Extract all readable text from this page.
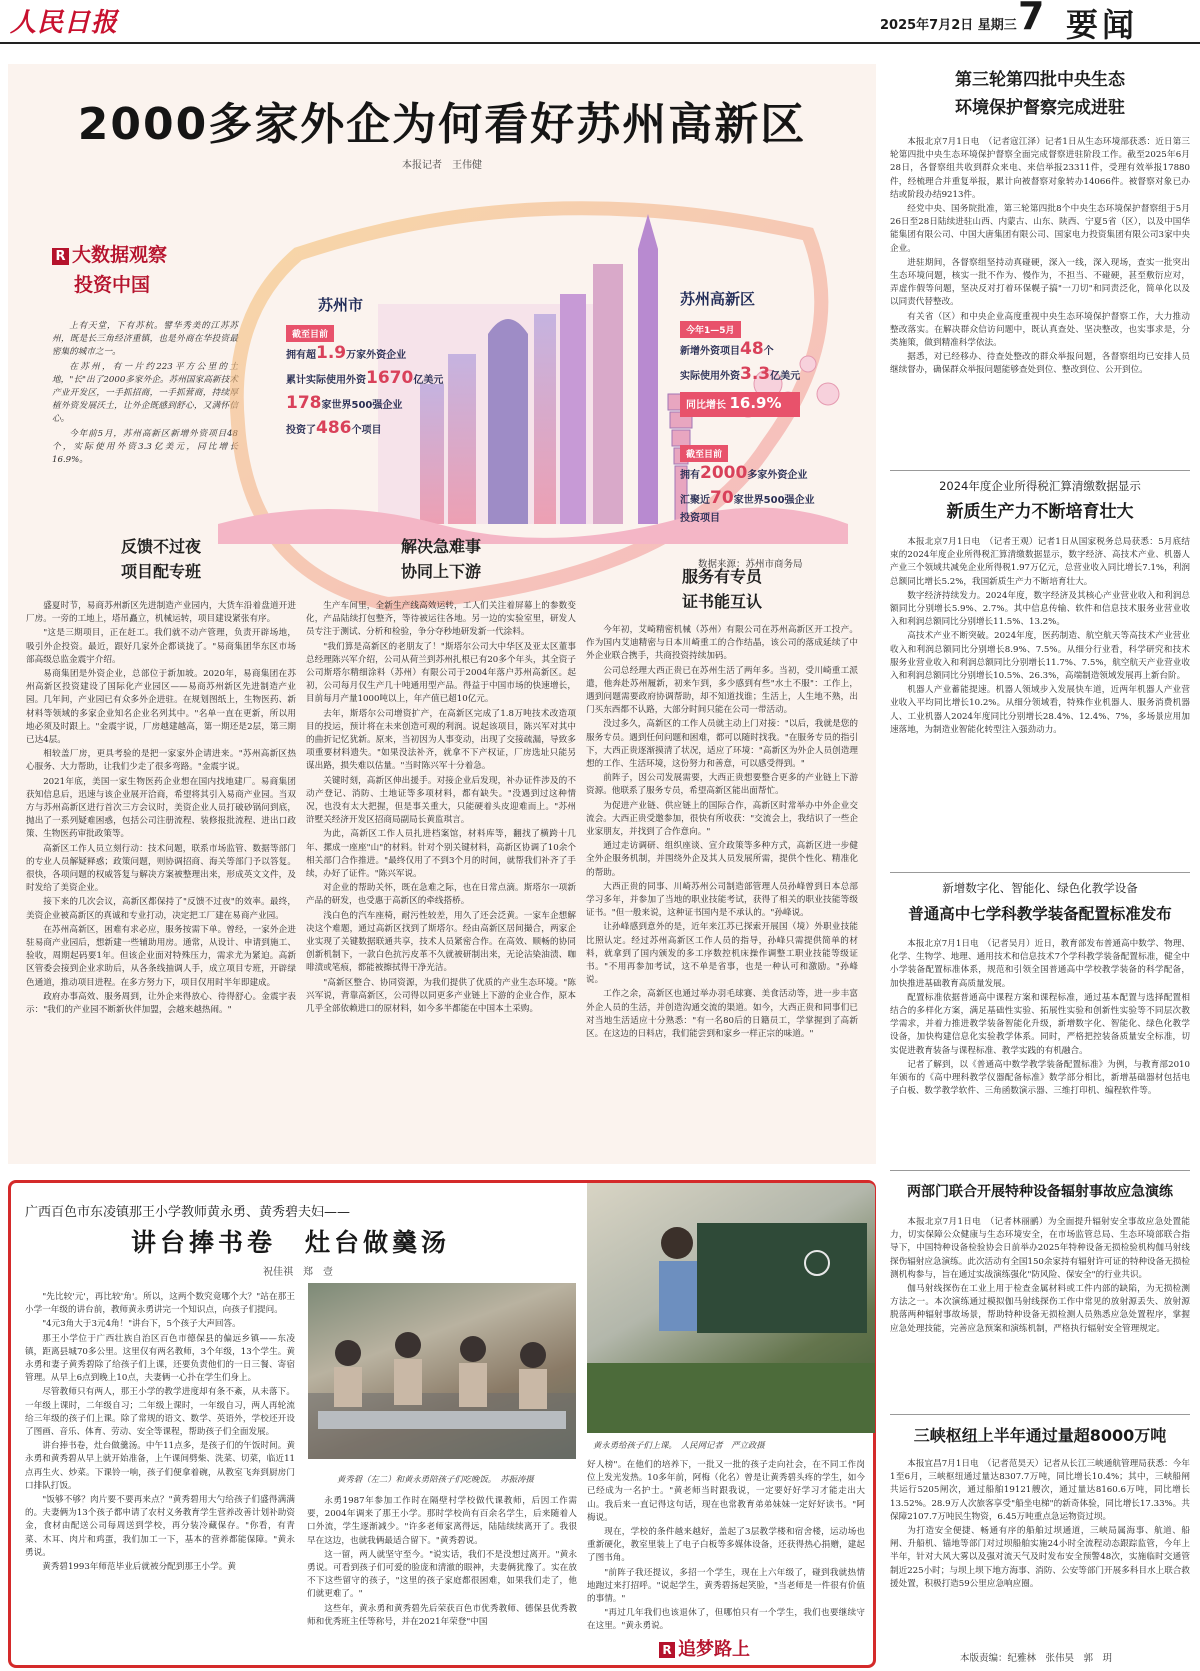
人民日报	2025年7月2日 星期三 7 要闻
2000多家外企为何看好苏州高新区
本报记者　王伟健
R 大数据观察
投资中国

上有天堂，下有苏杭。譬华秀美的江苏苏州，既是长三角经济重镇，也是外商在华投资最密集的城市之一。

在苏州，有一片约223平方公里的土地，"长"出了2000多家外企。苏州国家高新技术产业开发区，一手抓招商，一手抓营商，持续厚植外资发展沃土，让外企既感到舒心，又满怀信心。

今年前5月，苏州高新区新增外资项目48个，实际使用外资3.3亿美元，同比增长16.9%。

苏州市
截至目前
拥有超1.9万家外资企业
累计实际使用外资1670亿美元
178家世界500强企业
投资了486个项目
苏州高新区
今年1—5月
新增外资项目48个
实际使用外资3.3亿美元
同比增长 16.9%
截至目前
拥有2000多家外资企业
汇聚近70家世界500强企业
投资项目
数据来源：苏州市商务局
反馈不过夜
项目配专班

盛夏时节，易商苏州新区先进制造产业园内，大货车沿着盘道开进厂房。一旁的工地上，塔吊矗立，机械运转，项目建设紧张有序。

"这是三期项目，正在赶工。我们就不动产管理，负责开辟场地，吸引外企投资。最近，跟好几家外企都谈拢了。"易商集团华东区市场部高级总监金震宇介绍。

易商集团是外资企业，总部位于新加坡。2020年，易商集团在苏州高新区投资建设了国际化产业园区——易商苏州新区先进制造产业园。几年间，产业园已有众多外企进驻。在规划图纸上，生物医药、新材料等领域的多家企业知名企业名列其中。"名单一直在更新，所以用地必须及时跟上。"金震宇说，厂房越建越高，第一期还是2层，第三期已达4层。

相较盖厂房，更具考验的是把一家家外企请进来。"苏州高新区热心服务、大力帮助，让我们少走了很多弯路。"金震宇说。

2021年底，美国一家生物医药企业想在国内找地建厂。易商集团获知信息后，迅速与该企业展开洽商，希望将其引入易商产业园。当双方与苏州高新区进行首次三方会议时，美资企业人员打破砂锅问到底，抛出了一系列疑难困惑，包括公司注册流程、装修报批流程、进出口政策、生物医药审批政策等。

高新区工作人员立刻行动：技术问题，联系市场监管、数据等部门的专业人员解疑释惑；政策问题，则协调招商、海关等部门予以答复。很快，各项问题的权威答复与解决方案被整理出来，形成英文文件，及时发给了美资企业。

接下来的几次会议，高新区都保持了"反馈不过夜"的效率。最终，美资企业被高新区的真诚和专业打动，决定把工厂建在易商产业园。

在苏州高新区，困难有求必应，服务按需下单。曾经，一家外企进驻易商产业园后，想新建一些辅助用房。通常，从设计、申请到施工、验收，周期起码要1年。但该企业面对特殊压力，需求尤为紧迫。高新区管委会接到企业求助后，从各条线抽调人手，成立项目专班，开辟绿色通道，推动项目进程。在多方努力下，项目仅用时半年即建成。

政府办事高效、服务周到，让外企来得放心、待得舒心。金震宇表示："我们的产业园不断新伙伴加盟，会越来越热闹。"

解决急难事
协同上下游

生产车间里，全新生产线高效运转，工人们关注着屏幕上的参数变化，产品陆续打包整齐，等待被运往各地。另一边的实验室里，研发人员专注于测试、分析和检验，争分夺秒地研发新一代涂料。

"我们算是高新区的老朋友了！"斯塔尔公司大中华区及亚太区董事总经理陈兴军介绍，公司从荷兰到苏州扎根已有20多个年头，其全资子公司斯塔尔精细涂料（苏州）有限公司于2004年落户苏州高新区。起初，公司每月仅生产几十吨通用型产品。得益于中国市场的快速增长，目前每月产量1000吨以上，年产值已超10亿元。

去年，斯塔尔公司增资扩产，在高新区完成了1.8万吨技术改造项目的投运，预计将在未来创造可观的利润。说起该项目，陈兴军对其中的曲折记忆犹新。原来，当初因为人事变动，出现了交接疏漏，导致多项重要材料遗失。"如果没法补齐，就拿不下产权证，厂房选址只能另谋出路，损失难以估量。"当时陈兴军十分着急。

关键时刻，高新区伸出援手。对接企业后发现，补办证件涉及的不动产登记、消防、土地证等多项材料，都有缺失。"没遇到过这种情况，也没有太大把握，但是事关重大，只能硬着头皮迎难而上。"苏州浒墅关经济开发区招商局副局长黄监琪言。

为此，高新区工作人员扎进档案馆，材料库等，翻找了横跨十几年、摞成一座座"山"的材料。针对个别关键材料，高新区协调了10余个相关部门合作推进。"最终仅用了不到3个月的时间，就帮我们补齐了手续，办好了证件。"陈兴军说。

对企业的帮助关怀，既在急难之际，也在日常点滴。斯塔尔一项新产品的研发，也受惠于高新区的牵线搭桥。

浅白色的汽车座椅，耐污性较差，用久了还会泛黄。一家车企想解决这个难题，通过高新区找到了斯塔尔。经由高新区居间撮合，两家企业实现了关键数据联通共享，技术人员紧密合作。在高效、顺畅的协同创新机制下，一款白色抗污皮革不久就被研制出来，无论沾染油渍、咖啡渍或笔痕，都能被擦拭得干净光洁。

"高新区整合、协同资源，为我们提供了优质的产业生态环境。"陈兴军说，背靠高新区，公司得以同更多产业链上下游的企业合作，原本几乎全部依赖进口的原材料，如今多半都能在中国本土采购。

服务有专员
证书能互认

今年初，艾崎精密机械（苏州）有限公司在苏州高新区开工投产。作为国内艾迪精密与日本川崎重工的合作结晶，该公司的落成延续了中外企业联合携手，共商投资持续加码。

公司总经理大西正贵已在苏州生活了两年多。当初，受川崎重工派遣，他奔赴苏州履新，初来乍到，多少感到有些"水土不服"：工作上，遇到问题需要政府协调帮助，却不知道找谁；生活上，人生地不熟，出门买东西都不认路，大部分时间只能在公司一带活动。

没过多久，高新区的工作人员就主动上门对接："以后，我就是您的服务专员。遇到任何问题和困难，都可以随时找我。"在服务专员的指引下，大西正贵逐渐摸清了状况，适应了环境："高新区为外企人员创造理想的工作、生活环境，这份努力和善意，可以感受得到。"

前阵子，因公司发展需要，大西正贵想要整合更多的产业链上下游资源。他联系了服务专员，希望高新区能出面帮忙。

为促进产业链、供应链上的国际合作，高新区时常举办中外企业交流会。大西正贵受邀参加，很快有所收获："交流会上，我结识了一些企业家朋友，并找到了合作意向。"

通过走访调研、组织座谈、宣介政策等多种方式，高新区进一步健全外企服务机制，并围绕外企及其人员发展所需，提供个性化、精准化的帮助。

大西正贵的同事、川崎苏州公司制造部管理人员孙峰曾到日本总部学习多年，并参加了当地的职业技能考试，获得了相关的职业技能等级证书。"但一般来说，这种证书国内是不承认的。"孙峰说。

让孙峰感到意外的是，近年来江苏已探索开展国（境）外职业技能比照认定。经过苏州高新区工作人员的指导，孙峰只需提供简单的材料，就拿到了国内颁发的多工序数控机床操作调整工职业技能等级证书。"不用再参加考试，这不单是省事，也是一种认可和激励。"孙峰说。

工作之余，高新区也通过举办羽毛球赛、美食活动等，进一步丰富外企人员的生活，并创造沟通交流的渠道。如今，大西正贵和同事们已对当地生活适应十分熟悉："有一名80后的日籍员工，学掌握到了高新区。在这边的日料店，我们能尝到和家乡一样正宗的味道。"

广西百色市东凌镇那王小学教师黄永勇、黄秀碧夫妇——
讲台捧书卷　灶台做羹汤
祝佳祺　郑　壹

"先比较'元'，再比较'角'。所以，这两个数究竟哪个大？"站在那王小学一年级的讲台前，教师黄永勇讲完一个知识点，向孩子们提问。

"4元3角大于3元4角！"讲台下，5个孩子大声回答。

那王小学位于广西壮族自治区百色市德保县的偏远乡镇——东凌镇，距离县城70多公里。这里仅有两名教师，3个年级，13个学生。黄永勇和妻子黄秀碧除了给孩子们上课，还要负责他们的一日三餐、寄宿管理。从早上6点到晚上10点，夫妻俩一心扑在学生们身上。

尽管教师只有两人，那王小学的教学进度却有条不紊，从未落下。一年级上课时，二年级自习；二年级上课时，一年级自习，两人再轮流给三年级的孩子们上课。除了常规的语文、数学、英语外，学校还开设了图画、音乐、体育、劳动、安全等课程，帮助孩子们全面发展。

讲台捧书卷，灶台做羹汤。中午11点多，是孩子们的午饭时间。黄永勇和黄秀碧从早上就开始准备，上午课间劈柴、洗菜、切菜，临近11点再生火、炒菜。下课铃一响，孩子们便拿着碗，从教室飞奔到厨房门口排队打饭。

"饭够不够？肉片要不要再来点？"黄秀碧用大勺给孩子们盛得满满的。夫妻俩为13个孩子都申请了农村义务教育学生营养改善计划补助资金，食材由配送公司每周送到学校，再分装冷藏保存。"你看，有青菜、木耳、肉片和鸡蛋，我们加工一下，基本的营养都能保障。"黄永勇说。

黄秀碧1993年师范毕业后就被分配到那王小学。黄

黄秀碧（左二）和黄永勇陪孩子们吃晚饭。　苏振涛摄
黄永勇给孩子们上课。　人民网记者　严立政摄

永勇1987年参加工作时在隔壁村学校做代课教师，后因工作需要，2004年调来了那王小学。那时学校尚有百余名学生，后来随着人口外流，学生逐渐减少。"许多老师家离得远，陆陆续续离开了。我很早在这边，也就我俩最适合留下。"黄秀碧说。

这一留，两人就坚守至今。"说实话，我们不是没想过离开。"黄永勇说。可看到孩子们可爱的脸庞和清澈的眼神，夫妻俩犹豫了。实在放不下这些留守的孩子，"这里的孩子家庭都很困难，如果我们走了，他们就更难了。"

这些年，黄永勇和黄秀碧先后荣获百色市优秀教师、德保县优秀教师和优秀班主任等称号，并在2021年荣登"中国

好人榜"。在他们的培养下，一批又一批的孩子走向社会，在不同工作岗位上发光发热。10多年前，阿梅（化名）曾是让黄秀碧头疼的学生，如今已经成为一名护士。"黄老师当时跟我说，一定要好好学习才能走出大山。我后来一直记得这句话，现在也常教育弟弟妹妹一定好好读书。"阿梅说。

现在，学校的条件越来越好，盖起了3层教学楼和宿舍楼，运动场也重新硬化，教室里装上了电子白板等多媒体设备，还获得热心捐赠，建起了图书角。

"前阵子我还提议，多招一个学生，现在上六年级了，碰到我就热情地跑过来打招呼。"说起学生，黄秀碧扬起笑脸，"当老师是一件很有价值的事情。"

"再过几年我们也该退休了，但哪怕只有一个学生，我们也要继续守在这里。"黄永勇说。

R 追梦路上
第三轮第四批中央生态
环境保护督察完成进驻

本报北京7月1日电　（记者寇江泽）记者1日从生态环境部获悉：近日第三轮第四批中央生态环境保护督察全面完成督察进驻阶段工作。截至2025年6月28日，各督察组共收到群众来电、来信举报23311件，受理有效举报17880件，经梳理合并重复举报，累计向被督察对象转办14066件。被督察对象已办结或阶段办结9213件。

经党中央、国务院批准，第三轮第四批8个中央生态环境保护督察组于5月26日至28日陆续进驻山西、内蒙古、山东、陕西、宁夏5省（区），以及中国华能集团有限公司、中国大唐集团有限公司、国家电力投资集团有限公司3家中央企业。

进驻期间，各督察组坚持动真碰硬，深入一线，深入现场，查实一批突出生态环境问题，核实一批不作为、慢作为，不担当、不碰硬，甚至敷衍应对，弄虚作假等问题，坚决反对打着环保幌子搞"一刀切"和同责泛化，简单化以及以同责代替整改。

有关省（区）和中央企业高度重视中央生态环境保护督察工作，大力推动整改落实。在解决群众信访问题中，既认真查处、坚决整改，也实事求是，分类施策，做到精准科学依法。

据悉，对已经移办、待查处整改的群众举报问题，各督察组均已安排人员继续督办，确保群众举报问题能够查处到位、整改到位、公开到位。

2024年度企业所得税汇算清缴数据显示
新质生产力不断培育壮大

本报北京7月1日电　（记者王观）记者1日从国家税务总局获悉：5月底结束的2024年度企业所得税汇算清缴数据显示，数字经济、高技术产业、机器人产业三个领域共减免企业所得税1.97万亿元，总营业收入同比增长7.1%，利润总额同比增长5.2%，我国新质生产力不断培育壮大。

数字经济持续发力。2024年度，数字经济及其核心产业营业收入和利润总额同比分别增长5.9%、2.7%。其中信息传输、软件和信息技术服务业营业收入和利润总额同比分别增长11.5%、13.2%。

高技术产业不断突破。2024年度，医药制造、航空航天等高技术产业营业收入和利润总额同比分别增长8.9%、7.5%。从细分行业看，科学研究和技术服务业营业收入和利润总额同比分别增长11.7%、7.5%，航空航天产业营业收入和利润总额同比分别增长10.5%、26.3%，高端制造领域发展再上新台阶。

机器人产业蓄能提速。机器人领域步入发展快车道，近两年机器人产业营业收入平均同比增长10.2%。从细分领域看，特殊作业机器人、服务消费机器人、工业机器人2024年度同比分别增长28.4%、12.4%、7%，多场景应用加速落地，为制造业智能化转型注入强劲动力。

新增数字化、智能化、绿色化教学设备
普通高中七学科教学装备配置标准发布

本报北京7月1日电　（记者吴月）近日，教育部发布普通高中数学、物理、化学、生物学、地理、通用技术和信息技术7个学科教学装备配置标准，健全中小学装备配置标准体系，规范和引领全国普通高中学校教学装备的科学配备，加快推进基础教育高质量发展。

配置标准依据普通高中课程方案和课程标准，通过基本配置与选择配置相结合的多样化方案，满足基础性实验、拓展性实验和创新性实验等不同层次教学需求，并着力推进教学装备智能化升级，新增数字化、智能化、绿色化教学设备，加快构建信息化实验教学体系。同时，严格把控装备质量安全标准，切实促进教育装备与课程标准、教学实践的有机融合。

记者了解到，以《普通高中数学教学装备配置标准》为例，与教育部2010年颁布的《高中理科教学仪器配备标准》数学部分相比，新增基础器材包括电子白板、数学教学软件、三角函数演示器、三维打印机、编程软件等。

两部门联合开展特种设备辐射事故应急演练

本报北京7月1日电　（记者林丽鹂）为全面提升辐射安全事故应急处置能力，切实保障公众健康与生态环境安全，在市场监管总局、生态环境部联合指导下，中国特种设备检验协会日前举办2025年特种设备无损检验机构伽马射线探伤辐射应急演练。此次活动有全国150余家持有辐射许可证的特种设备无损检测机构参与，旨在通过实战演练强化"防风险、保安全"的行业共识。

伽马射线探伤在工业上用于检查金属材料或工件内部的缺陷，为无损检测方法之一。本次演练通过模拟伽马射线探伤工作中常见的放射源丢失、放射源脱落两种辐射事故场景，帮助特种设备无损检测人员熟悉应急处置程序，掌握应急处理技能，完善应急预案和演练机制，严格执行辐射安全管理规定。

三峡枢纽上半年通过量超8000万吨

本报宜昌7月1日电　（记者范昊天）记者从长江三峡通航管理局获悉：今年1至6月，三峡枢纽通过量达8307.7万吨，同比增长10.4%；其中，三峡船闸共运行5205闸次，通过船舶19121艘次，通过量达8160.6万吨，同比增长13.52%。28.9万人次旅客享受"船坐电梯"的新奇体验，同比增长17.33%。共保障2107.7万吨民生物资，6.45万吨重点急运物资过坝。

为打造安全便捷、畅通有序的船舶过坝通道，三峡局属海事、航道、船闸、升船机、锚地等部门对过坝船舶实施24小时全流程动态跟踪监管，今年上半年，针对大风大雾以及强对流天气及时发布安全预警48次，实施临时交通管制近225小时；与坝上坝下地方海事、消防、公安等部门开展多科目水上联合救援处置，积极打造59公里应急响应圈。

本版责编：纪雅林　张伟昊　郭　玥
